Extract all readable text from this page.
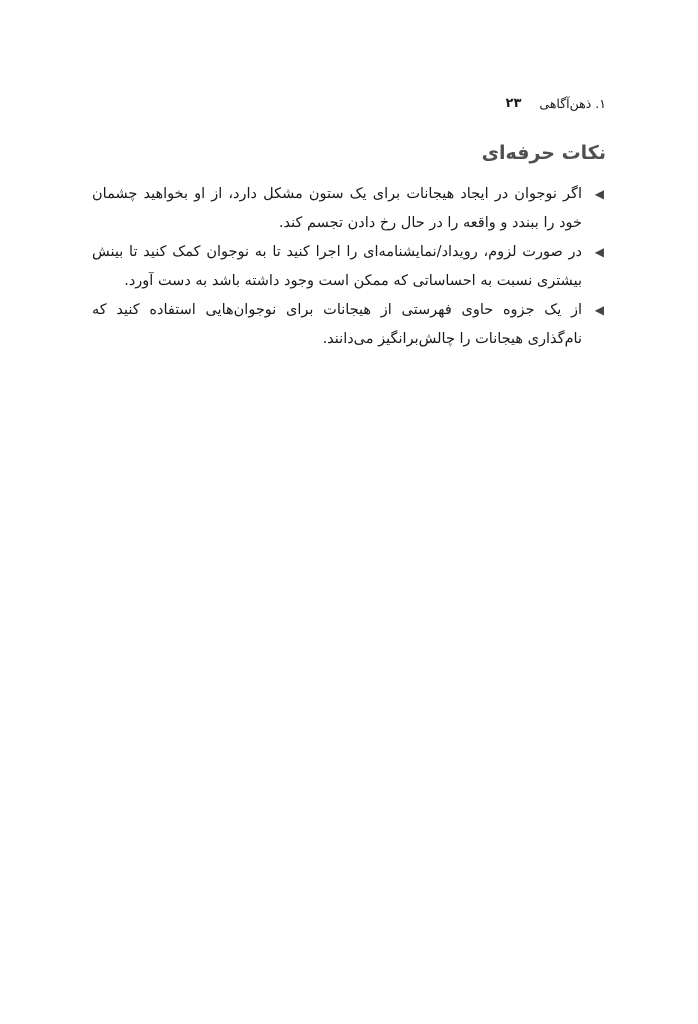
۱. ذهن‌آگاهی
۲۳
نکات حرفه‌ای
◀
اگر نوجوان در ایجاد هیجانات برای یک ستون مشکل دارد، از او بخواهید چشمان خود را ببندد و واقعه را در حال رخ دادن تجسم کند.
◀
در صورت لزوم، رویداد/نمایشنامه‌ای را اجرا کنید تا به نوجوان کمک کنید تا بینش بیشتری نسبت به احساساتی که ممکن است وجود داشته باشد به دست آورد.
◀
از یک جزوه حاوی فهرستی از هیجانات برای نوجوان‌هایی استفاده کنید که نام‌گذاری هیجانات را چالش‌برانگیز می‌دانند.
